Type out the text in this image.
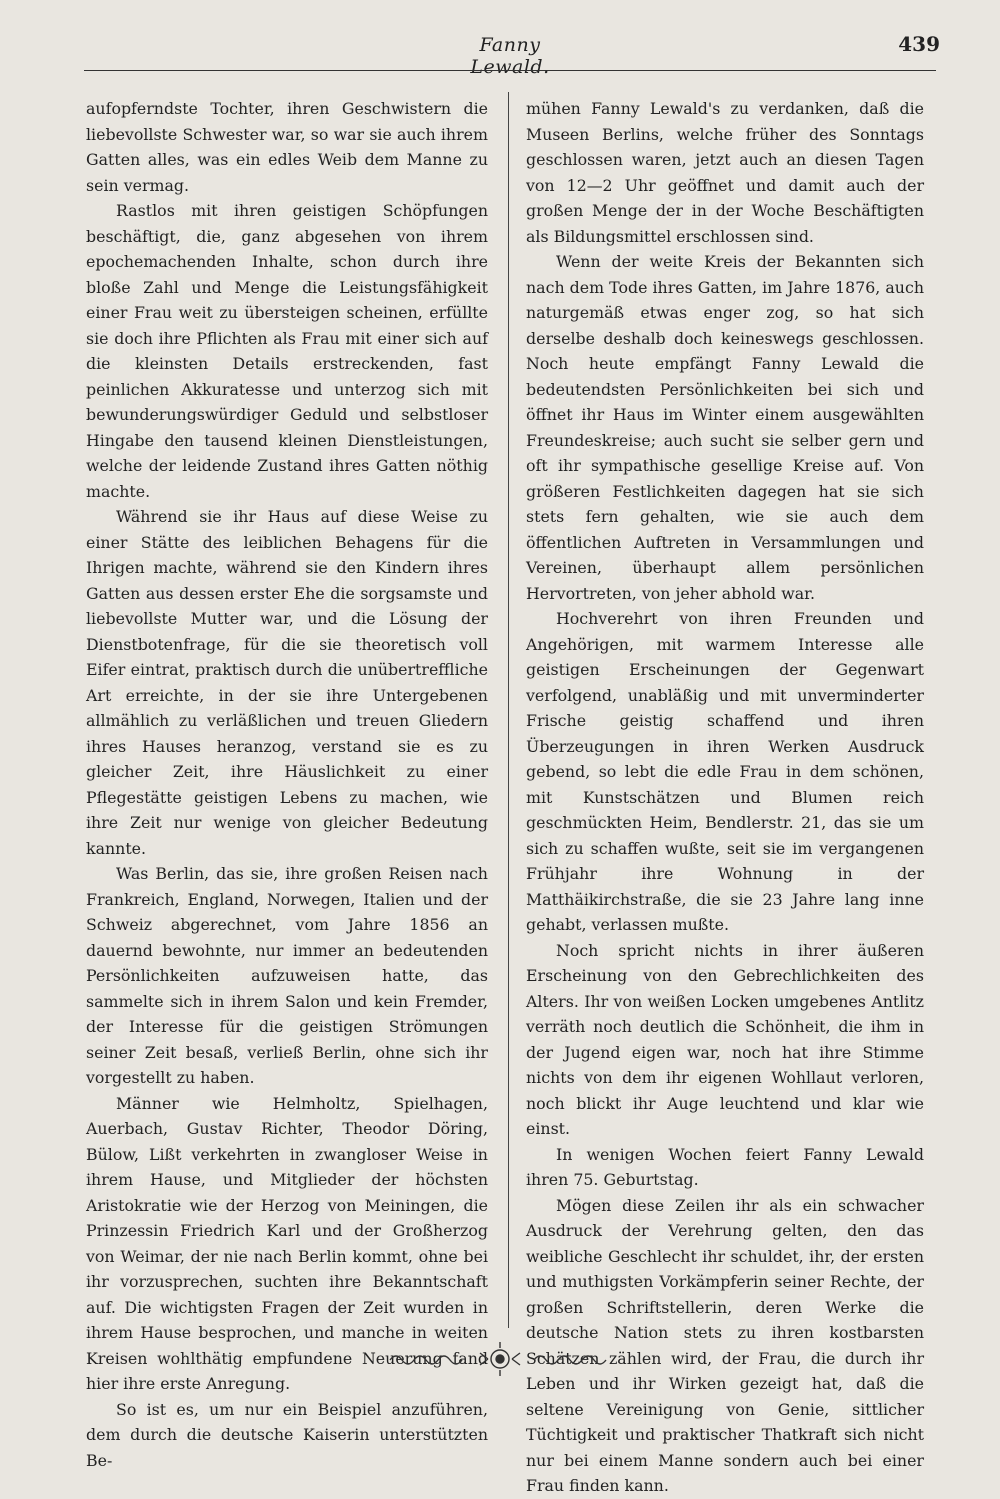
Fanny Lewald.
439

aufopferndste Tochter, ihren Geschwistern die liebevollste Schwester war, so war sie auch ihrem Gatten alles, was ein edles Weib dem Manne zu sein vermag.

Rastlos mit ihren geistigen Schöpfungen beschäftigt, die, ganz abgesehen von ihrem epochemachenden Inhalte, schon durch ihre bloße Zahl und Menge die Leistungsfähigkeit einer Frau weit zu übersteigen scheinen, erfüllte sie doch ihre Pflichten als Frau mit einer sich auf die kleinsten Details erstreckenden, fast peinlichen Akkuratesse und unterzog sich mit bewunderungswürdiger Geduld und selbstloser Hingabe den tausend kleinen Dienstleistungen, welche der leidende Zustand ihres Gatten nöthig machte.

Während sie ihr Haus auf diese Weise zu einer Stätte des leiblichen Behagens für die Ihrigen machte, während sie den Kindern ihres Gatten aus dessen erster Ehe die sorgsamste und liebevollste Mutter war, und die Lösung der Dienstbotenfrage, für die sie theoretisch voll Eifer eintrat, praktisch durch die unübertreffliche Art erreichte, in der sie ihre Untergebenen allmählich zu verläßlichen und treuen Gliedern ihres Hauses heranzog, verstand sie es zu gleicher Zeit, ihre Häuslichkeit zu einer Pflegestätte geistigen Lebens zu machen, wie ihre Zeit nur wenige von gleicher Bedeutung kannte.

Was Berlin, das sie, ihre großen Reisen nach Frankreich, England, Norwegen, Italien und der Schweiz abgerechnet, vom Jahre 1856 an dauernd bewohnte, nur immer an bedeutenden Persönlichkeiten aufzuweisen hatte, das sammelte sich in ihrem Salon und kein Fremder, der Interesse für die geistigen Strömungen seiner Zeit besaß, verließ Berlin, ohne sich ihr vorgestellt zu haben.

Männer wie Helmholtz, Spielhagen, Auerbach, Gustav Richter, Theodor Döring, Bülow, Lißt verkehrten in zwangloser Weise in ihrem Hause, und Mitglieder der höchsten Aristokratie wie der Herzog von Meiningen, die Prinzessin Friedrich Karl und der Großherzog von Weimar, der nie nach Berlin kommt, ohne bei ihr vorzusprechen, suchten ihre Bekanntschaft auf. Die wichtigsten Fragen der Zeit wurden in ihrem Hause besprochen, und manche in weiten Kreisen wohlthätig empfundene Neuerung fand hier ihre erste Anregung.

So ist es, um nur ein Beispiel anzuführen, dem durch die deutsche Kaiserin unterstützten Be-

mühen Fanny Lewald's zu verdanken, daß die Museen Berlins, welche früher des Sonntags geschlossen waren, jetzt auch an diesen Tagen von 12—2 Uhr geöffnet und damit auch der großen Menge der in der Woche Beschäftigten als Bildungsmittel erschlossen sind.

Wenn der weite Kreis der Bekannten sich nach dem Tode ihres Gatten, im Jahre 1876, auch naturgemäß etwas enger zog, so hat sich derselbe deshalb doch keineswegs geschlossen. Noch heute empfängt Fanny Lewald die bedeutendsten Persönlichkeiten bei sich und öffnet ihr Haus im Winter einem ausgewählten Freundeskreise; auch sucht sie selber gern und oft ihr sympathische gesellige Kreise auf. Von größeren Festlichkeiten dagegen hat sie sich stets fern gehalten, wie sie auch dem öffentlichen Auftreten in Versammlungen und Vereinen, überhaupt allem persönlichen Hervortreten, von jeher abhold war.

Hochverehrt von ihren Freunden und Angehörigen, mit warmem Interesse alle geistigen Erscheinungen der Gegenwart verfolgend, unabläßig und mit unverminderter Frische geistig schaffend und ihren Überzeugungen in ihren Werken Ausdruck gebend, so lebt die edle Frau in dem schönen, mit Kunstschätzen und Blumen reich geschmückten Heim, Bendlerstr. 21, das sie um sich zu schaffen wußte, seit sie im vergangenen Frühjahr ihre Wohnung in der Matthäikirchstraße, die sie 23 Jahre lang inne gehabt, verlassen mußte.

Noch spricht nichts in ihrer äußeren Erscheinung von den Gebrechlichkeiten des Alters. Ihr von weißen Locken umgebenes Antlitz verräth noch deutlich die Schönheit, die ihm in der Jugend eigen war, noch hat ihre Stimme nichts von dem ihr eigenen Wohllaut verloren, noch blickt ihr Auge leuchtend und klar wie einst.

In wenigen Wochen feiert Fanny Lewald ihren 75. Geburtstag.

Mögen diese Zeilen ihr als ein schwacher Ausdruck der Verehrung gelten, den das weibliche Geschlecht ihr schuldet, ihr, der ersten und muthigsten Vorkämpferin seiner Rechte, der großen Schriftstellerin, deren Werke die deutsche Nation stets zu ihren kostbarsten Schätzen zählen wird, der Frau, die durch ihr Leben und ihr Wirken gezeigt hat, daß die seltene Vereinigung von Genie, sittlicher Tüchtigkeit und praktischer Thatkraft sich nicht nur bei einem Manne sondern auch bei einer Frau finden kann.
